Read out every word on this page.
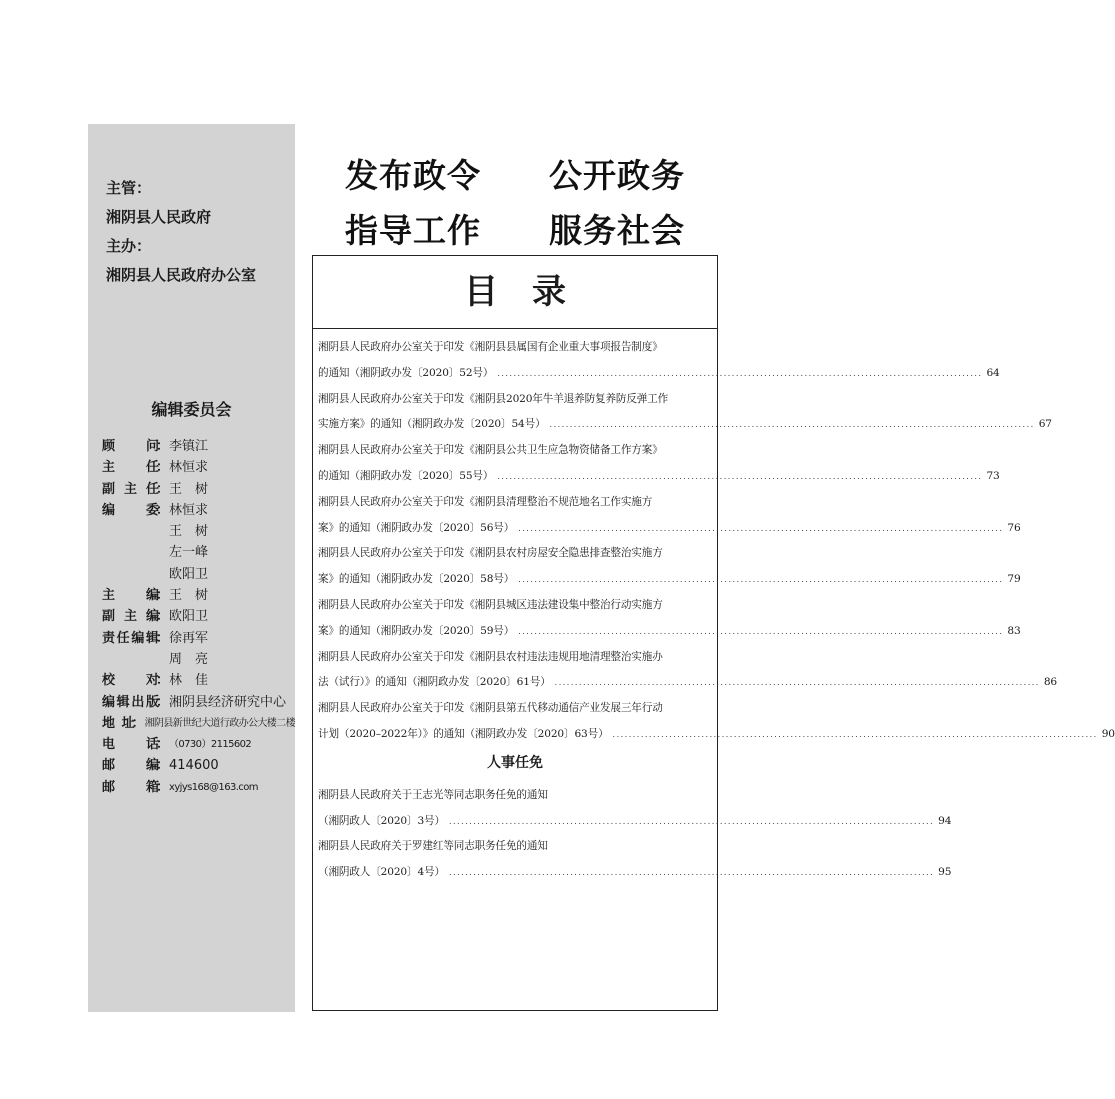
主管：
湘阴县人民政府
主办：
湘阴县人民政府办公室
编辑委员会
顾问 ： 李镇江
主任 ： 林恒求
副主任 ： 王　树
编委 ： 林恒求
王　树
左一峰
欧阳卫
主编 ： 王　树
副主编 ： 欧阳卫
责任编辑 ： 徐再军
周　亮
校对 ： 林　佳
编辑出版 ： 湘阴县经济研究中心
地址 ：	湘阴县新世纪大道行政办公大楼二楼
电话 ：	（0730）2115602
邮编 ： 414600
邮箱 ：	xyjys168@163.com
发布政令 公开政务
指导工作 服务社会
目录
湘阴县人民政府办公室关于印发《湘阴县县属国有企业重大事项报告制度》
的通知（湘阴政办发〔2020〕52号） ........................................................................................................................ 64
湘阴县人民政府办公室关于印发《湘阴县2020年牛羊退养防复养防反弹工作
实施方案》的通知（湘阴政办发〔2020〕54号） ........................................................................................................................ 67
湘阴县人民政府办公室关于印发《湘阴县公共卫生应急物资储备工作方案》
的通知（湘阴政办发〔2020〕55号） ........................................................................................................................ 73
湘阴县人民政府办公室关于印发《湘阴县清理整治不规范地名工作实施方
案》的通知（湘阴政办发〔2020〕56号） ........................................................................................................................ 76
湘阴县人民政府办公室关于印发《湘阴县农村房屋安全隐患排查整治实施方
案》的通知（湘阴政办发〔2020〕58号） ........................................................................................................................ 79
湘阴县人民政府办公室关于印发《湘阴县城区违法建设集中整治行动实施方
案》的通知（湘阴政办发〔2020〕59号） ........................................................................................................................ 83
湘阴县人民政府办公室关于印发《湘阴县农村违法违规用地清理整治实施办
法（试行）》的通知（湘阴政办发〔2020〕61号） ........................................................................................................................ 86
湘阴县人民政府办公室关于印发《湘阴县第五代移动通信产业发展三年行动
计划（2020–2022年）》的通知（湘阴政办发〔2020〕63号） ........................................................................................................................ 90
人事任免
湘阴县人民政府关于王志光等同志职务任免的通知
（湘阴政人〔2020〕3号） ........................................................................................................................ 94
湘阴县人民政府关于罗建红等同志职务任免的通知
（湘阴政人〔2020〕4号） ........................................................................................................................ 95
